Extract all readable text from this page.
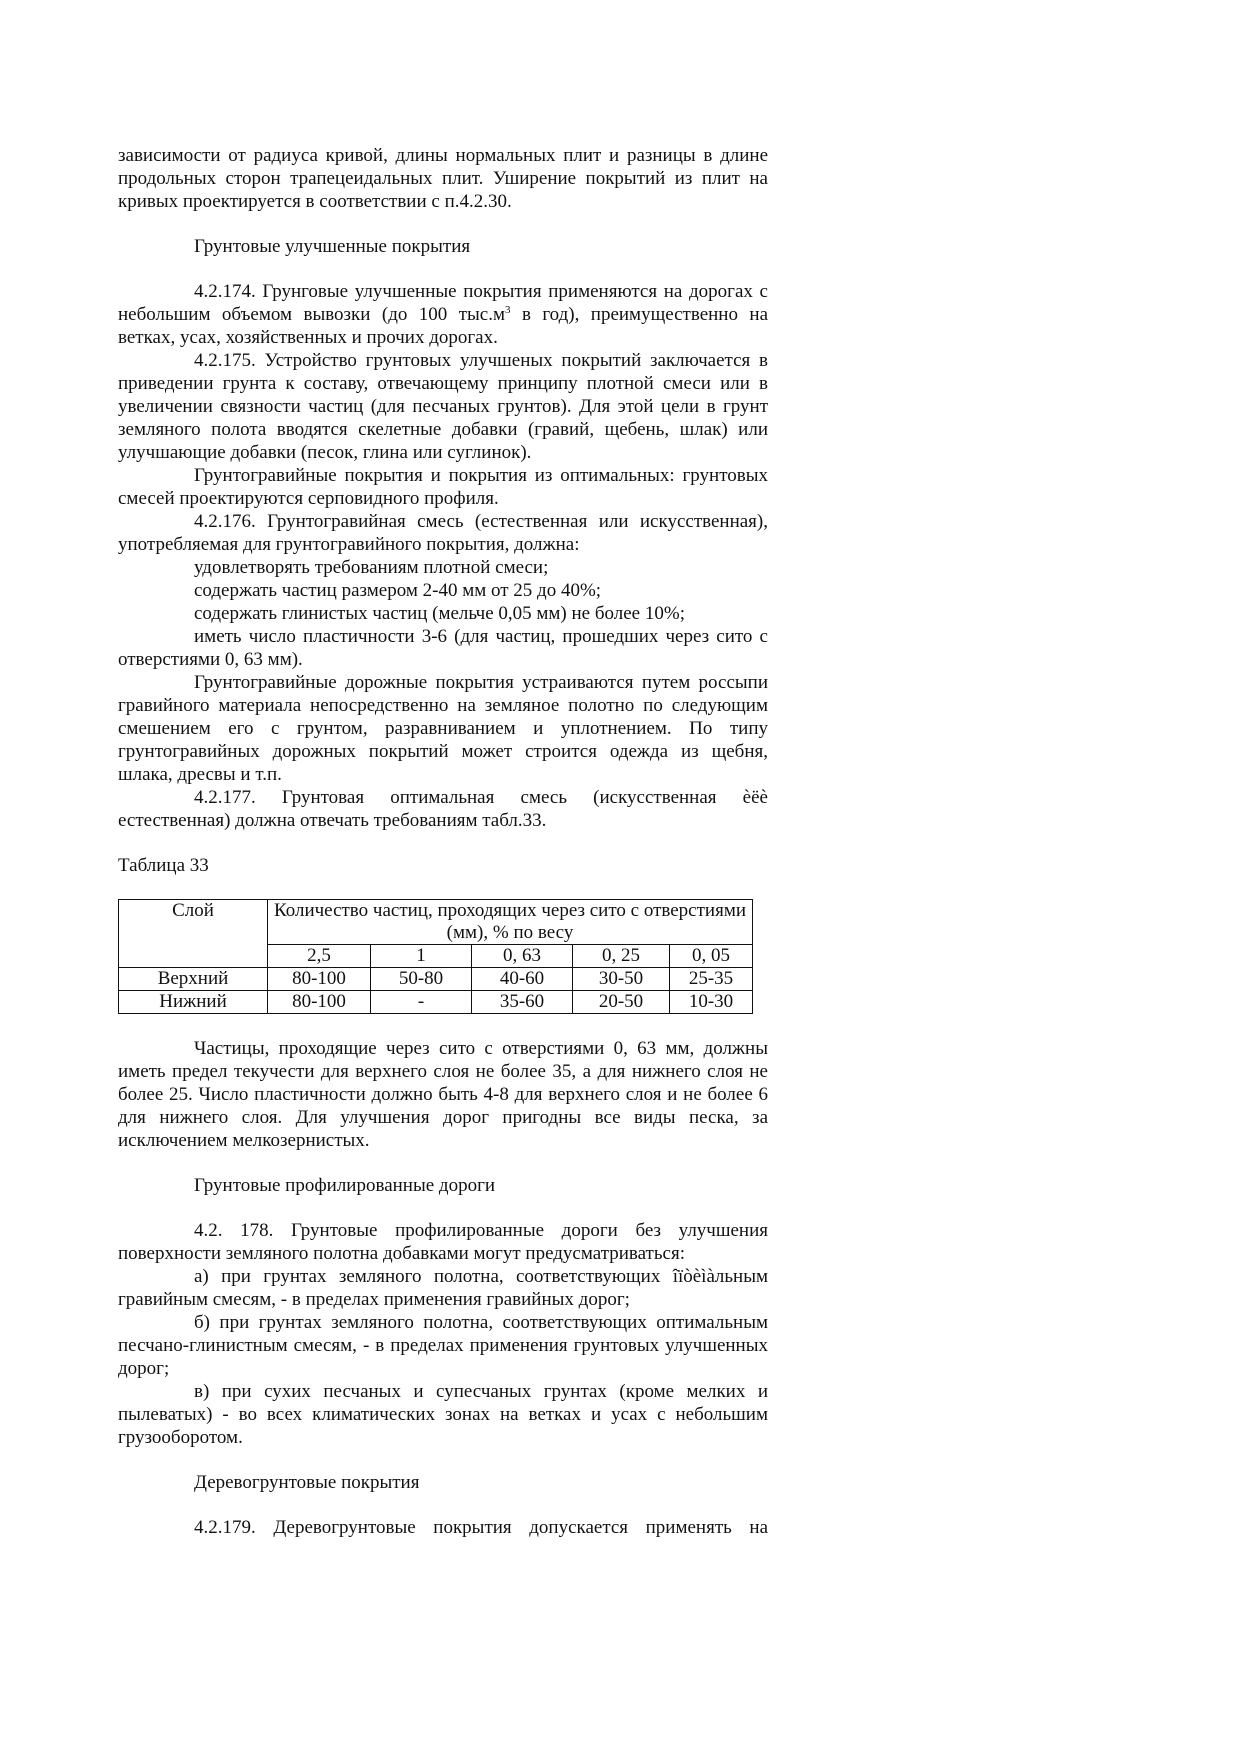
зависимости от радиуса кривой, длины нормальных плит и разницы в длине продольных сторон трапецеидальных плит. Уширение покрытий из плит на кривых проектируется в соответствии с п.4.2.30.

Грунтовые улучшенные покрытия

4.2.174. Грунговые улучшенные покрытия применяются на дорогах с небольшим объемом вывозки (до 100 $тыс.м^3$ в год), преимущественно на ветках, усах, хозяйственных и прочих дорогах.

4.2.175. Устройство грунтовых улучшеных покрытий заключается в приведении грунта к составу, отвечающему принципу плотной смеси или в увеличении связности частиц (для песчаных грунтов). Для этой цели в грунт земляного полота вводятся скелетные добавки (гравий, щебень, шлак) или улучшающие добавки (песок, глина или суглинок).

Грунтогравийные покрытия и покрытия из оптимальных: грунтовых смесей проектируются серповидного профиля.

4.2.176. Грунтогравийная смесь (естественная или искусственная), употребляемая для грунтогравийного покрытия, должна:

удовлетворять требованиям плотной смеси;

содержать частиц размером 2-40 мм от 25 до 40%;

содержать глинистых частиц (мельче 0,05 мм) не более 10%;

иметь число пластичности 3-6 (для частиц, прошедших через сито с отверстиями 0, 63 мм).

Грунтогравийные дорожные покрытия устраиваются путем россыпи гравийного материала непосредственно на земляное полотно по следующим смешением его с грунтом, разравниванием и уплотнением. По типу грунтогравийных дорожных покрытий может строится одежда из щебня, шлака, дресвы и т.п.

4.2.177. Грунтовая оптимальная смесь (искусственная èëè естественная) должна отвечать требованиям табл.33.

Таблица 33

Слой	Количество частиц, проходящих через сито с отверстиями (мм), % по весу				
	2,5	1	0, 63	0, 25	0, 05
Верхний	80-100	50-80	40-60	30-50	25-35
Нижний	80-100	-	35-60	20-50	10-30

Частицы, проходящие через сито с отверстиями 0, 63 мм, должны иметь предел текучести для верхнего слоя не более 35, а для нижнего слоя не более 25. Число пластичности должно быть 4-8 для верхнего слоя и не более 6 для нижнего слоя. Для улучшения дорог пригодны все виды песка, за исключением мелкозернистых.

Грунтовые профилированные дороги

4.2. 178. Грунтовые профилированные дороги без улучшения поверхности земляного полотна добавками могут предусматриваться:

а) при грунтах земляного полотна, соответствующих îïòèìàльным гравийным смесям, - в пределах применения гравийных дорог;

б) при грунтах земляного полотна, соответствующих оптимальным песчано-глинистным смесям, - в пределах применения грунтовых улучшенных дорог;

в) при сухих песчаных и супесчаных грунтах (кроме мелких и пылеватых) - во всех климатических зонах на ветках и усах с небольшим грузооборотом.

Деревогрунтовые покрытия

4.2.179. Деревогрунтовые покрытия допускается применять на
